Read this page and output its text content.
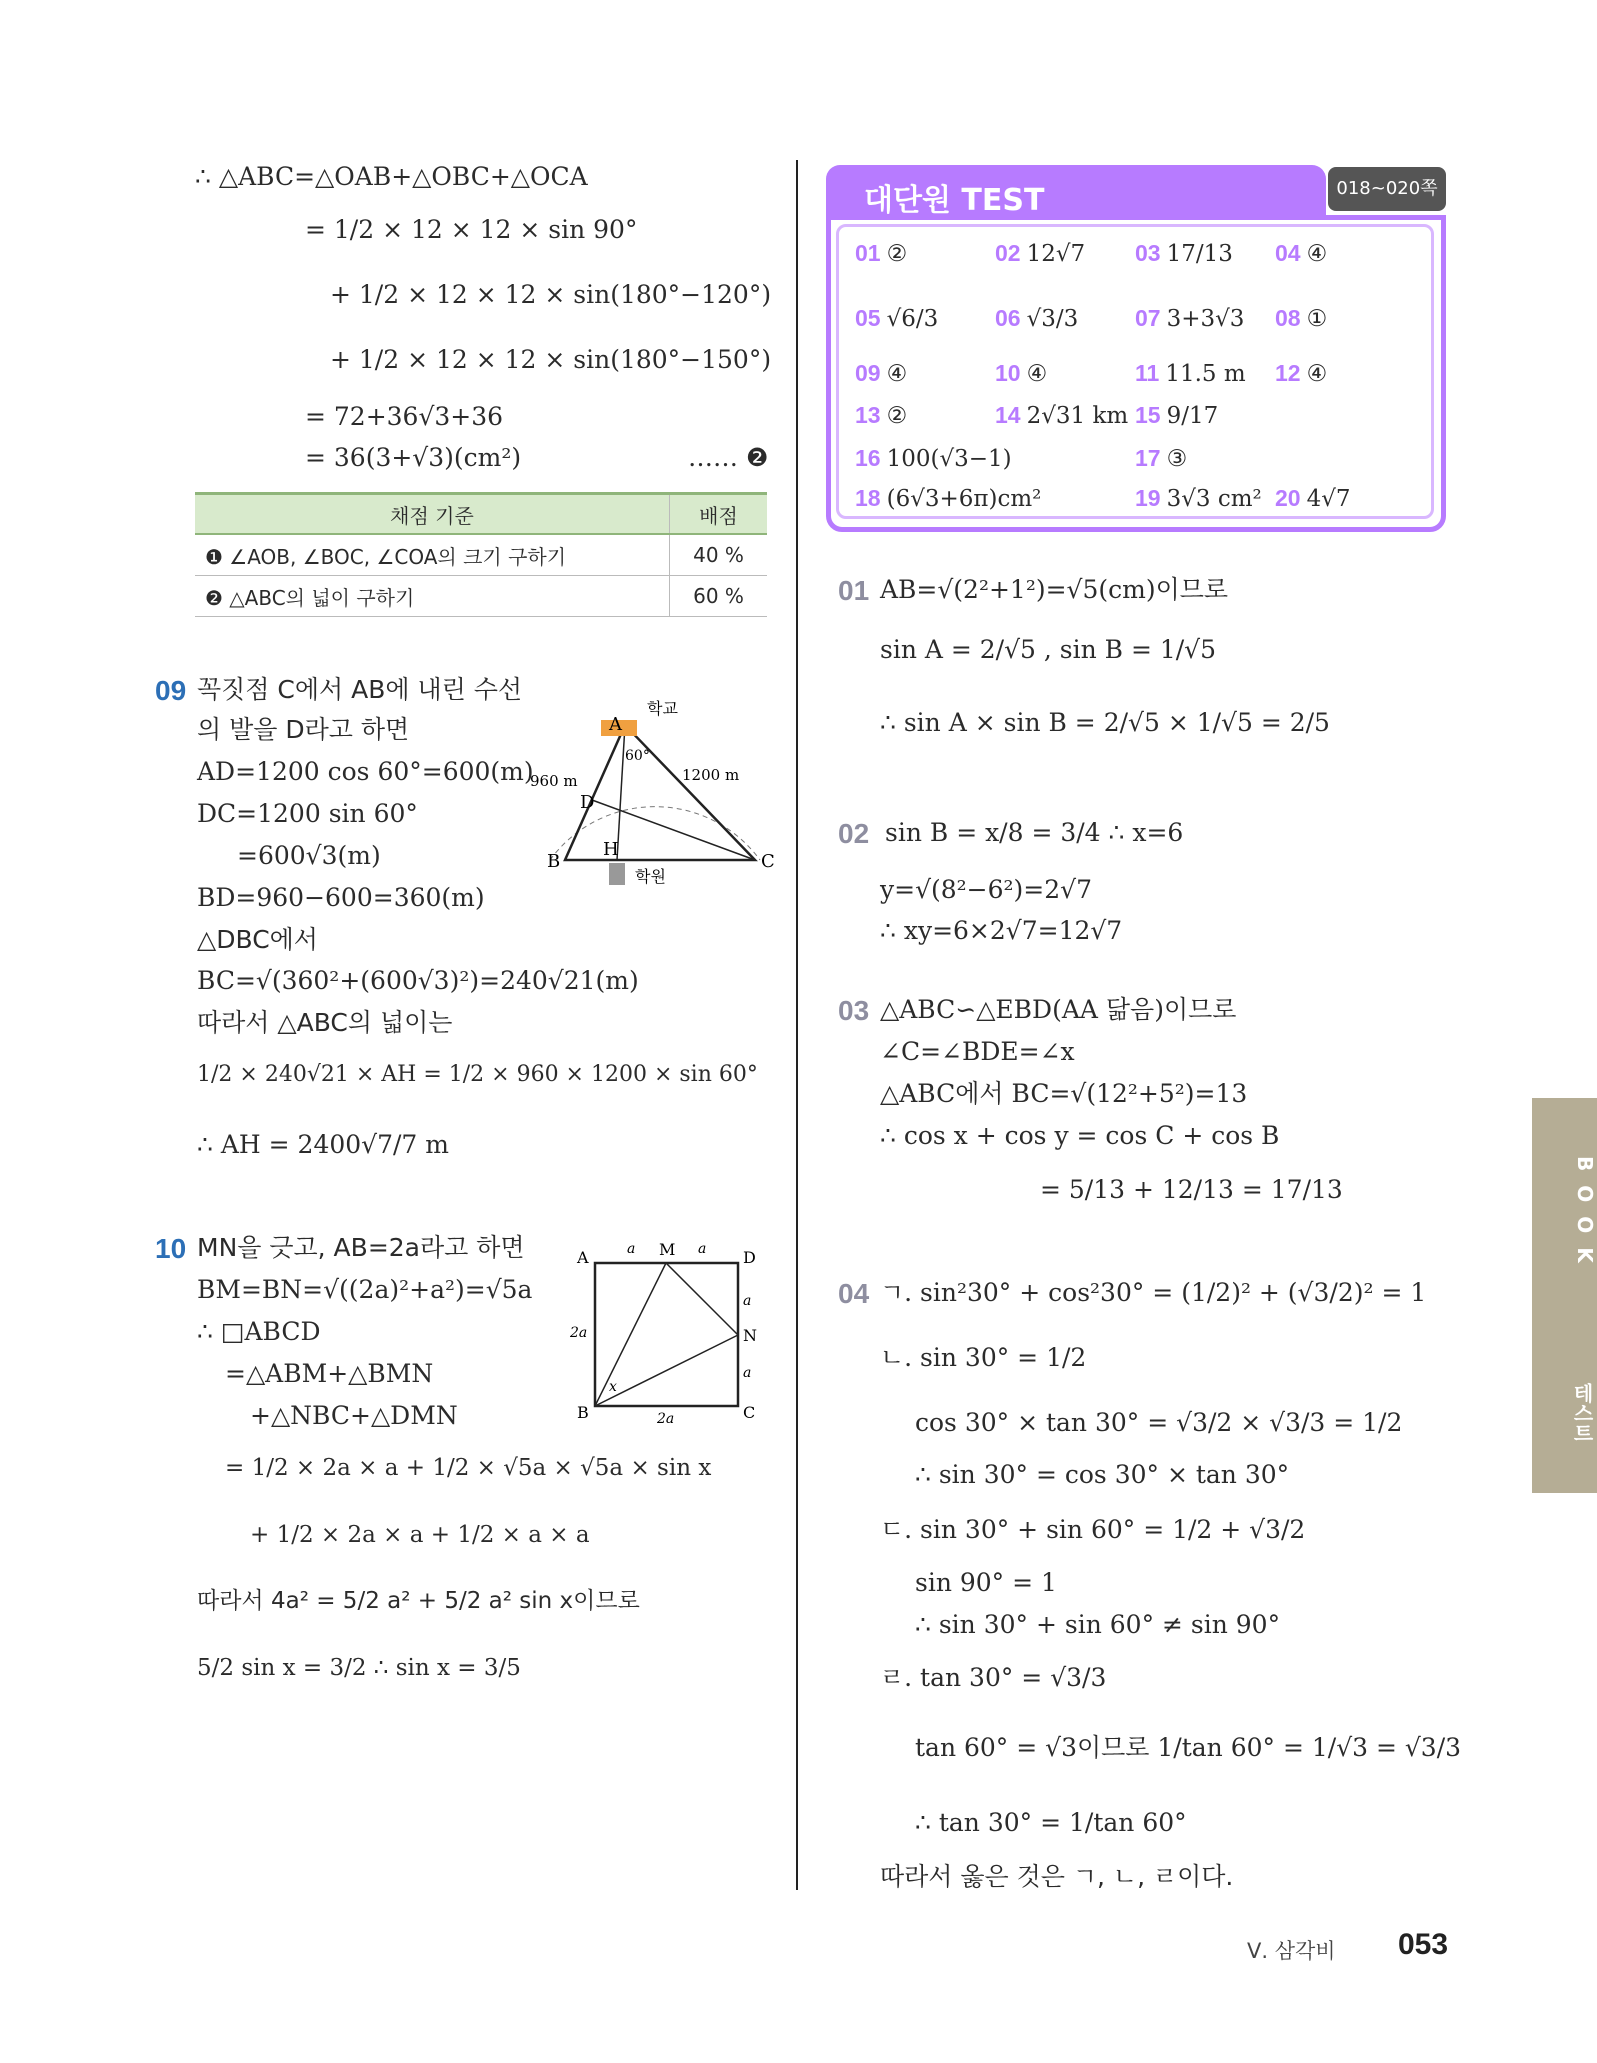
∴ △ABC=△OAB+△OBC+△OCA
= 1/2 × 12 × 12 × sin 90°
+ 1/2 × 12 × 12 × sin(180°−120°)
+ 1/2 × 12 × 12 × sin(180°−150°)
= 72+36√3+36
= 36(3+√3)(cm²)	…… ❷
채점 기준	배점
❶ ∠AOB, ∠BOC, ∠COA의 크기 구하기	40 %
❷ △ABC의 넓이 구하기	60 %
09 꼭짓점 C에서 AB에 내린 수선
의 발을 D라고 하면
AD=1200 cos 60°=600(m)
DC=1200 sin 60°
=600√3(m)
BD=960−600=360(m)
△DBC에서
BC=√(360²+(600√3)²)=240√21(m)
따라서 △ABC의 넓이는
1/2 × 240√21 × AH = 1/2 × 960 × 1200 × sin 60°
∴ AH = 2400√7/7 m
A
학교
B	C
D
H
학원
960 m	1200 m
60°
10 MN을 긋고, AB=2a라고 하면
BM=BN=√((2a)²+a²)=√5a
∴ □ABCD
=△ABM+△BMN
+△NBC+△DMN
= 1/2 × 2a × a + 1/2 × √5a × √5a × sin x
+ 1/2 × 2a × a + 1/2 × a × a
따라서 4a² = 5/2 a² + 5/2 a² sin x이므로
5/2 sin x = 3/2 ∴ sin x = 3/5
A
B	C
D
M
N
a	a
a
a
2a
2a
x
대단원 TEST	018~020쪽
01 ②	02 12√7 03 17/13 04 ④
05 √6/3 06 √3/3 07 3+3√3 08 ①
09 ④	10 ④	11 11.5 m 12 ④
13 ②	14 2√31 km 15 9/17
16 100(√3−1)	17 ③
18 (6√3+6π)cm²	19 3√3 cm² 20 4√7
01 AB=√(2²+1²)=√5(cm)이므로
sin A = 2/√5 , sin B = 1/√5
∴ sin A × sin B = 2/√5 × 1/√5 = 2/5
02 sin B = x/8 = 3/4 ∴ x=6
y=√(8²−6²)=2√7
∴ xy=6×2√7=12√7
03 △ABC∽△EBD(AA 닮음)이므로
∠C=∠BDE=∠x
△ABC에서 BC=√(12²+5²)=13
∴ cos x + cos y = cos C + cos B
= 5/13 + 12/13 = 17/13
04 ㄱ. sin²30° + cos²30° = (1/2)² + (√3/2)² = 1
ㄴ. sin 30° = 1/2
cos 30° × tan 30° = √3/2 × √3/3 = 1/2
∴ sin 30° = cos 30° × tan 30°
ㄷ. sin 30° + sin 60° = 1/2 + √3/2
sin 90° = 1
∴ sin 30° + sin 60° ≠ sin 90°
ㄹ. tan 30° = √3/3
tan 60° = √3이므로 1/tan 60° = 1/√3 = √3/3
∴ tan 30° = 1/tan 60°
따라서 옳은 것은 ㄱ, ㄴ, ㄹ이다.
테스트
BOOK
Ⅴ. 삼각비 053
